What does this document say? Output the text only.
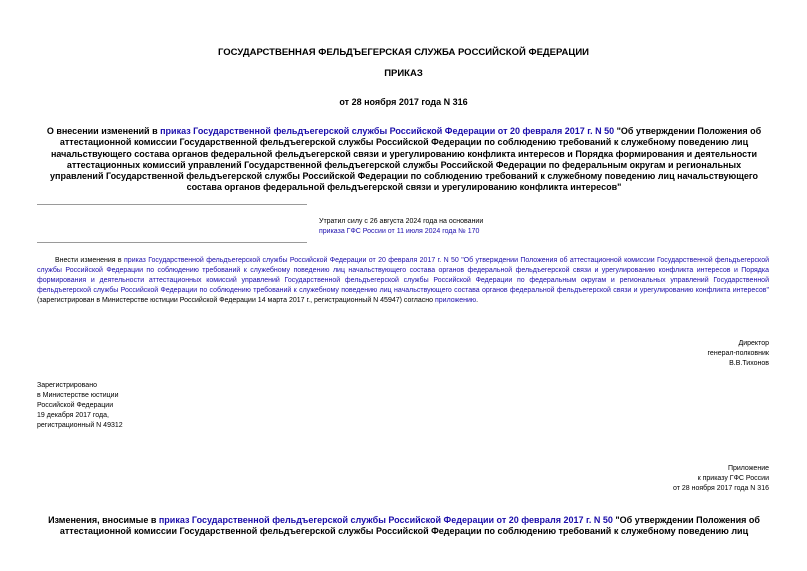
ГОСУДАРСТВЕННАЯ ФЕЛЬДЪЕГЕРСКАЯ СЛУЖБА РОССИЙСКОЙ ФЕДЕРАЦИИ
ПРИКАЗ
от 28 ноября 2017 года N 316
О внесении изменений в приказ Государственной фельдъегерской службы Российской Федерации от 20 февраля 2017 г. N 50 "Об утверждении Положения об аттестационной комиссии Государственной фельдъегерской службы Российской Федерации по соблюдению требований к служебному поведению лиц начальствующего состава органов федеральной фельдъегерской связи и урегулированию конфликта интересов и Порядка формирования и деятельности аттестационных комиссий управлений Государственной фельдъегерской службы Российской Федерации по федеральным округам и региональных управлений Государственной фельдъегерской службы Российской Федерации по соблюдению требований к служебному поведению лиц начальствующего состава органов федеральной фельдъегерской связи и урегулированию конфликта интересов"
Утратил силу с 26 августа 2024 года на основании
приказа ГФС России от 11 июля 2024 года № 170
Внести изменения в приказ Государственной фельдъегерской службы Российской Федерации от 20 февраля 2017 г. N 50 "Об утверждении Положения об аттестационной комиссии Государственной фельдъегерской службы Российской Федерации по соблюдению требований к служебному поведению лиц начальствующего состава органов федеральной фельдъегерской связи и урегулированию конфликта интересов и Порядка формирования и деятельности аттестационных комиссий управлений Государственной фельдъегерской службы Российской Федерации по федеральным округам и региональных управлений Государственной фельдъегерской службы Российской Федерации по соблюдению требований к служебному поведению лиц начальствующего состава органов федеральной фельдъегерской связи и урегулированию конфликта интересов" (зарегистрирован в Министерстве юстиции Российской Федерации 14 марта 2017 г., регистрационный N 45947) согласно приложению.
Директор
генерал-полковник
В.В.Тихонов
Зарегистрировано
в Министерстве юстиции
Российской Федерации
19 декабря 2017 года,
регистрационный N 49312
Приложение
к приказу ГФС России
от 28 ноября 2017 года N 316
Изменения, вносимые в приказ Государственной фельдъегерской службы Российской Федерации от 20 февраля 2017 г. N 50 "Об утверждении Положения об аттестационной комиссии Государственной фельдъегерской службы Российской Федерации по соблюдению требований к служебному поведению лиц
